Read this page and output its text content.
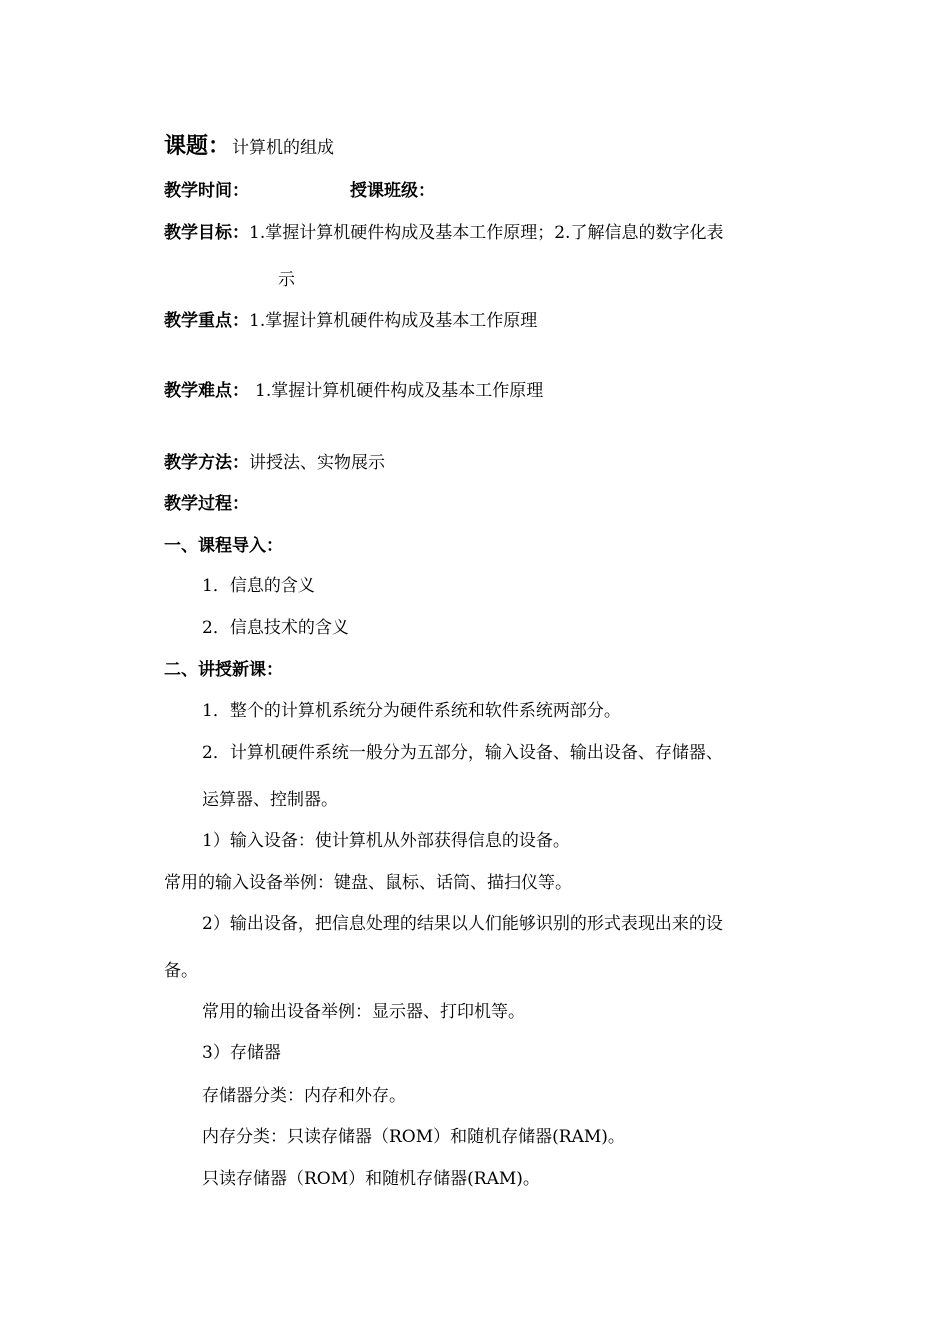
课题： 计算机的组成
教学时间：	授课班级：
教学目标：1.掌握计算机硬件构成及基本工作原理；2.了解信息的数字化表
示
教学重点：1.掌握计算机硬件构成及基本工作原理
教学难点： 1.掌握计算机硬件构成及基本工作原理
教学方法：讲授法、实物展示
教学过程：
一、课程导入：
1．信息的含义
2．信息技术的含义
二、讲授新课：
1．整个的计算机系统分为硬件系统和软件系统两部分。
2．计算机硬件系统一般分为五部分，输入设备、输出设备、存储器、
运算器、控制器。
1）输入设备：使计算机从外部获得信息的设备。
常用的输入设备举例：键盘、鼠标、话筒、描扫仪等。
2）输出设备，把信息处理的结果以人们能够识别的形式表现出来的设
备。
常用的输出设备举例：显示器、打印机等。
3）存储器
存储器分类：内存和外存。
内存分类：只读存储器（ROM）和随机存储器(RAM)。
只读存储器（ROM）和随机存储器(RAM)。
